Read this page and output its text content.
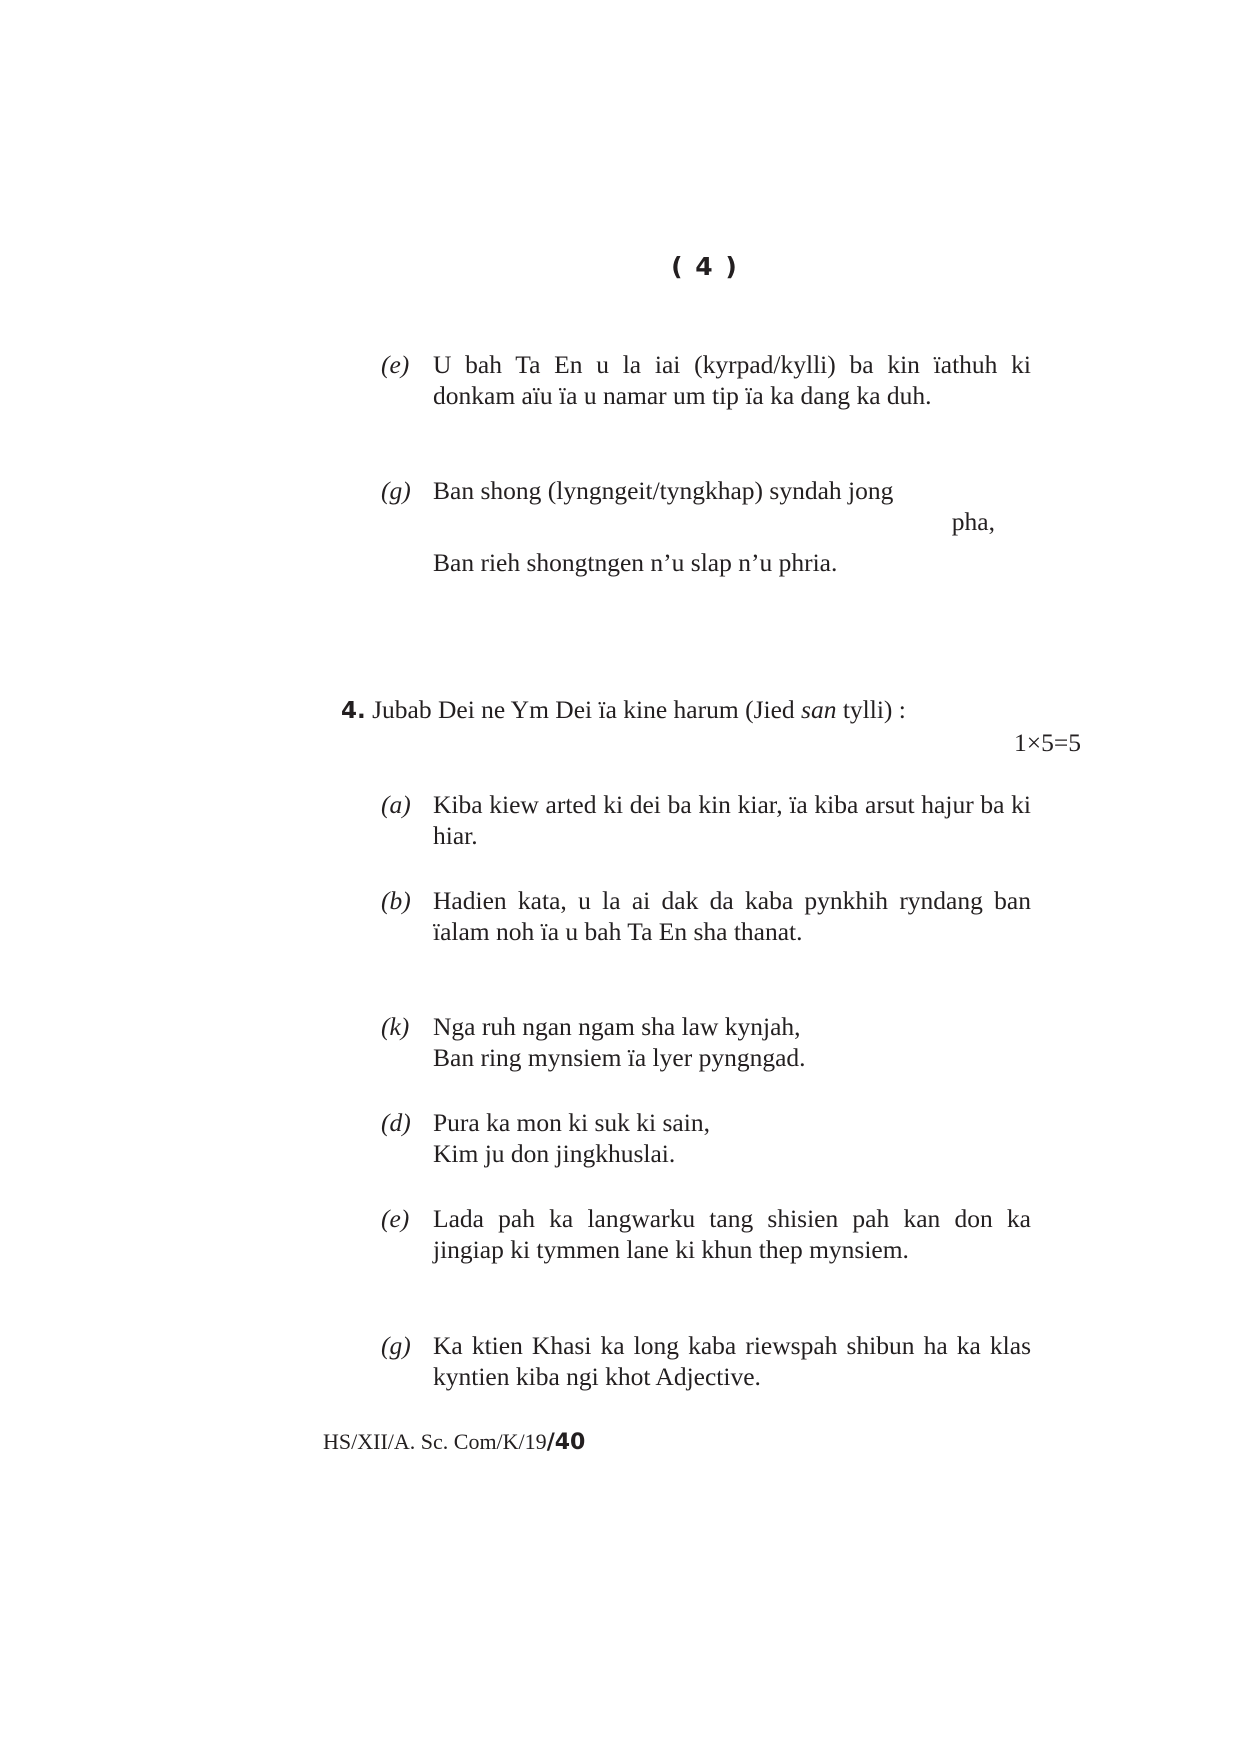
( 4 )
(e) U bah Ta En u la iai (kyrpad/kylli) ba kin ïathuh ki donkam aïu ïa u namar um tip ïa ka dang ka duh.
(g) Ban shong (lyngngeit/tyngkhap) syndah jong
pha,
Ban rieh shongtngen n’u slap n’u phria.
4. Jubab Dei ne Ym Dei ïa kine harum (Jied san tylli) :
1×5=5
(a) Kiba kiew arted ki dei ba kin kiar, ïa kiba arsut hajur ba ki hiar.
(b) Hadien kata, u la ai dak da kaba pynkhih ryndang ban ïalam noh ïa u bah Ta En sha thanat.
(k) Nga ruh ngan ngam sha law kynjah,
Ban ring mynsiem ïa lyer pyngngad.
(d) Pura ka mon ki suk ki sain,
Kim ju don jingkhuslai.
(e) Lada pah ka langwarku tang shisien pah kan don ka jingiap ki tymmen lane ki khun thep mynsiem.
(g) Ka ktien Khasi ka long kaba riewspah shibun ha ka klas kyntien kiba ngi khot Adjective.
HS/XII/A. Sc. Com/K/19/40
